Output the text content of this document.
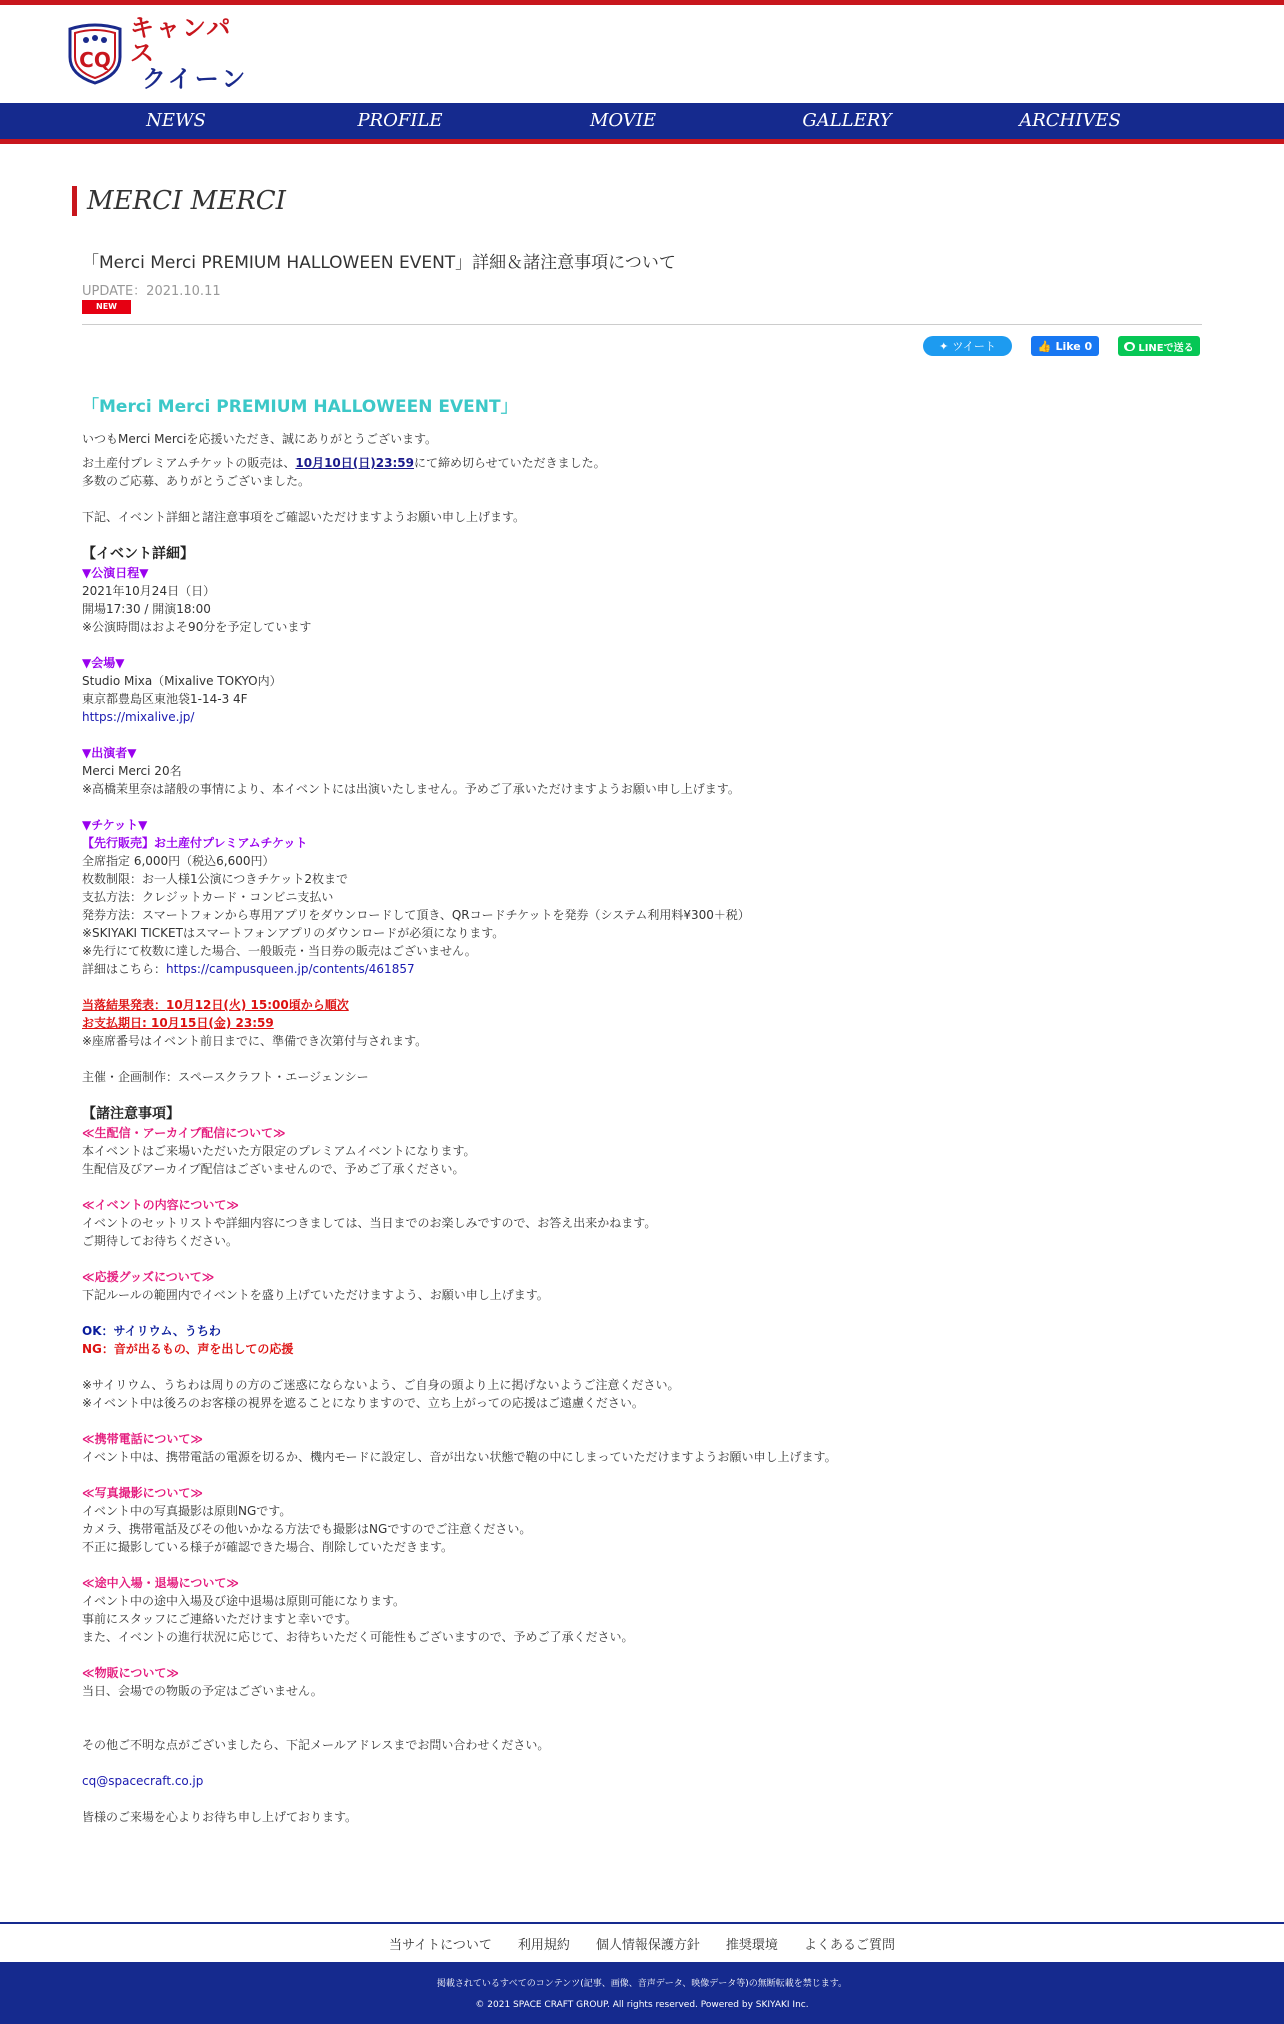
CQ
キャンパス
クイーン
NEWS	PROFILE	MOVIE	GALLERY	ARCHIVES
MERCI MERCI
「Merci Merci PREMIUM HALLOWEEN EVENT」詳細＆諸注意事項について
UPDATE：2021.10.11
NEW
✦ ツイート	👍 Like 0	● LINEで送る
「Merci Merci PREMIUM HALLOWEEN EVENT」
いつもMerci Merciを応援いただき、誠にありがとうございます。
お土産付プレミアムチケットの販売は、10月10日(日)23:59にて締め切らせていただきました。
多数のご応募、ありがとうございました。
下記、イベント詳細と諸注意事項をご確認いただけますようお願い申し上げます。
【イベント詳細】
▼公演日程▼
2021年10月24日（日）
開場17:30 / 開演18:00
※公演時間はおよそ90分を予定しています
▼会場▼
Studio Mixa（Mixalive TOKYO内）
東京都豊島区東池袋1-14-3 4F
https://mixalive.jp/
▼出演者▼
Merci Merci 20名
※高橋茉里奈は諸般の事情により、本イベントには出演いたしません。予めご了承いただけますようお願い申し上げます。
▼チケット▼
【先行販売】お土産付プレミアムチケット
全席指定 6,000円（税込6,600円）
枚数制限：お一人様1公演につきチケット2枚まで
支払方法：クレジットカード・コンビニ支払い
発券方法：スマートフォンから専用アプリをダウンロードして頂き、QRコードチケットを発券（システム利用料¥300＋税）
※SKIYAKI TICKETはスマートフォンアプリのダウンロードが必須になります。
※先行にて枚数に達した場合、一般販売・当日券の販売はございません。
詳細はこちら：https://campusqueen.jp/contents/461857
当落結果発表：10月12日(火) 15:00頃から順次
お支払期日: 10月15日(金) 23:59
※座席番号はイベント前日までに、準備でき次第付与されます。
主催・企画制作：スペースクラフト・エージェンシー
【諸注意事項】
≪生配信・アーカイブ配信について≫
本イベントはご来場いただいた方限定のプレミアムイベントになります。
生配信及びアーカイブ配信はございませんので、予めご了承ください。
≪イベントの内容について≫
イベントのセットリストや詳細内容につきましては、当日までのお楽しみですので、お答え出来かねます。
ご期待してお待ちください。
≪応援グッズについて≫
下記ルールの範囲内でイベントを盛り上げていただけますよう、お願い申し上げます。
OK：サイリウム、うちわ
NG：音が出るもの、声を出しての応援
※サイリウム、うちわは周りの方のご迷惑にならないよう、ご自身の頭より上に掲げないようご注意ください。
※イベント中は後ろのお客様の視界を遮ることになりますので、立ち上がっての応援はご遠慮ください。
≪携帯電話について≫
イベント中は、携帯電話の電源を切るか、機内モードに設定し、音が出ない状態で鞄の中にしまっていただけますようお願い申し上げます。
≪写真撮影について≫
イベント中の写真撮影は原則NGです。
カメラ、携帯電話及びその他いかなる方法でも撮影はNGですのでご注意ください。
不正に撮影している様子が確認できた場合、削除していただきます。
≪途中入場・退場について≫
イベント中の途中入場及び途中退場は原則可能になります。
事前にスタッフにご連絡いただけますと幸いです。
また、イベントの進行状況に応じて、お待ちいただく可能性もございますので、予めご了承ください。
≪物販について≫
当日、会場での物販の予定はございません。
その他ご不明な点がございましたら、下記メールアドレスまでお問い合わせください。
cq@spacecraft.co.jp
皆様のご来場を心よりお待ち申し上げております。
当サイトについて 利用規約 個人情報保護方針 推奨環境 よくあるご質問
掲載されているすべてのコンテンツ(記事、画像、音声データ、映像データ等)の無断転載を禁じます。
© 2021 SPACE CRAFT GROUP. All rights reserved. Powered by SKIYAKI Inc.
